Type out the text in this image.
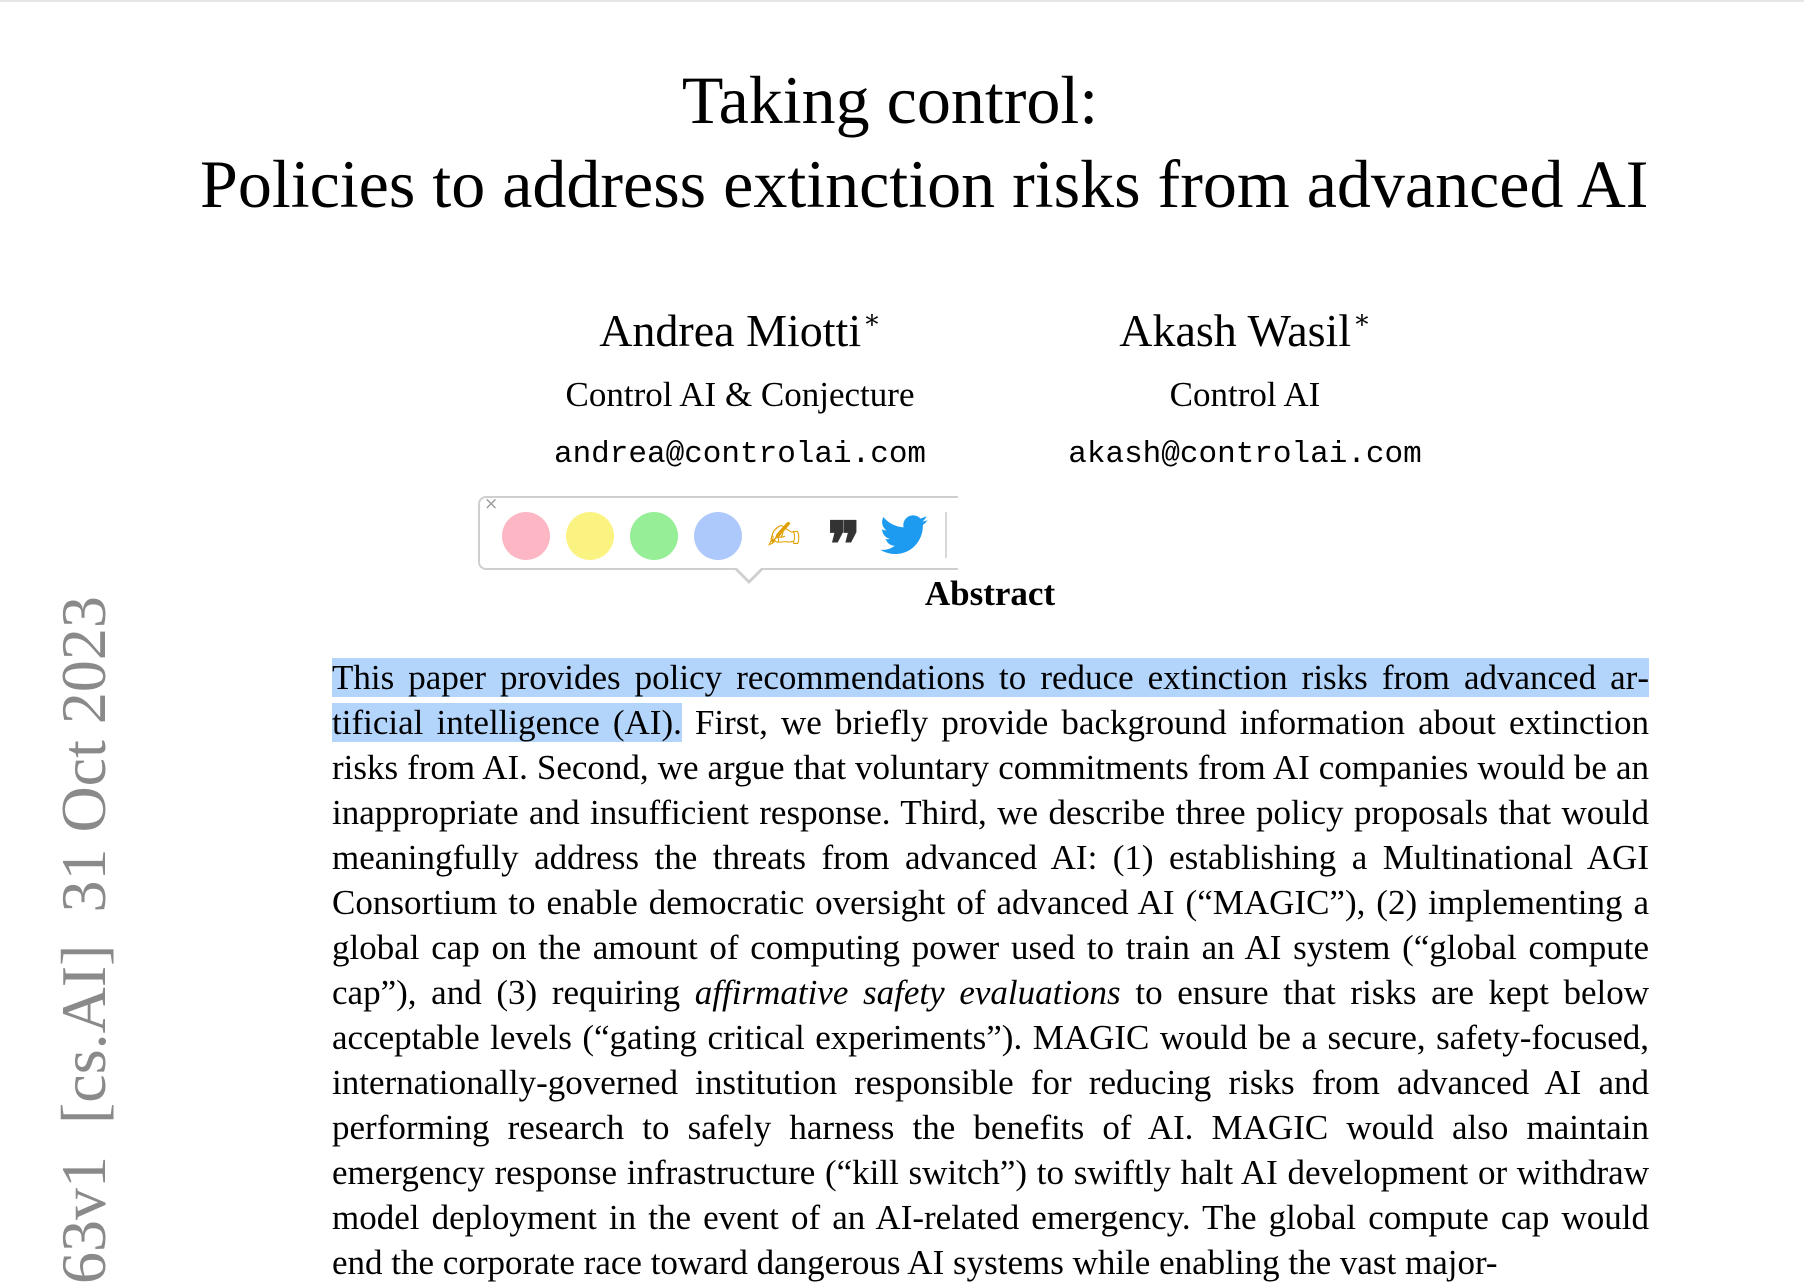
Taking control:
Policies to address extinction risks from advanced AI
Andrea Miotti∗
Control AI & Conjecture
andrea@controlai.com
Akash Wasil∗
Control AI
akash@controlai.com
Abstract
This paper provides policy recommendations to reduce extinction risks from advanced artificial intelligence (AI). First, we briefly provide background information about extinction risks from AI. Second, we argue that voluntary commitments from AI companies would be an inappropriate and insufficient response. Third, we describe three policy proposals that would meaningfully address the threats from advanced AI: (1) establishing a Multinational AGI Consortium to enable democratic oversight of advanced AI (“MAGIC”), (2) implementing a global cap on the amount of computing power used to train an AI system (“global compute cap”), and (3) requiring affirmative safety evaluations to ensure that risks are kept below acceptable levels (“gating critical experiments”). MAGIC would be a secure, safety-focused, internationally-governed institution responsible for reducing risks from advanced AI and performing research to safely harness the benefits of AI. MAGIC would also maintain emergency response infrastructure (“kill switch”) to swiftly halt AI development or withdraw model deployment in the event of an AI-related emergency. The global compute cap would end the corporate race toward dangerous AI systems while enabling the vast major-
63v1  [cs.AI]  31 Oct 2023
×
✍ ❞
